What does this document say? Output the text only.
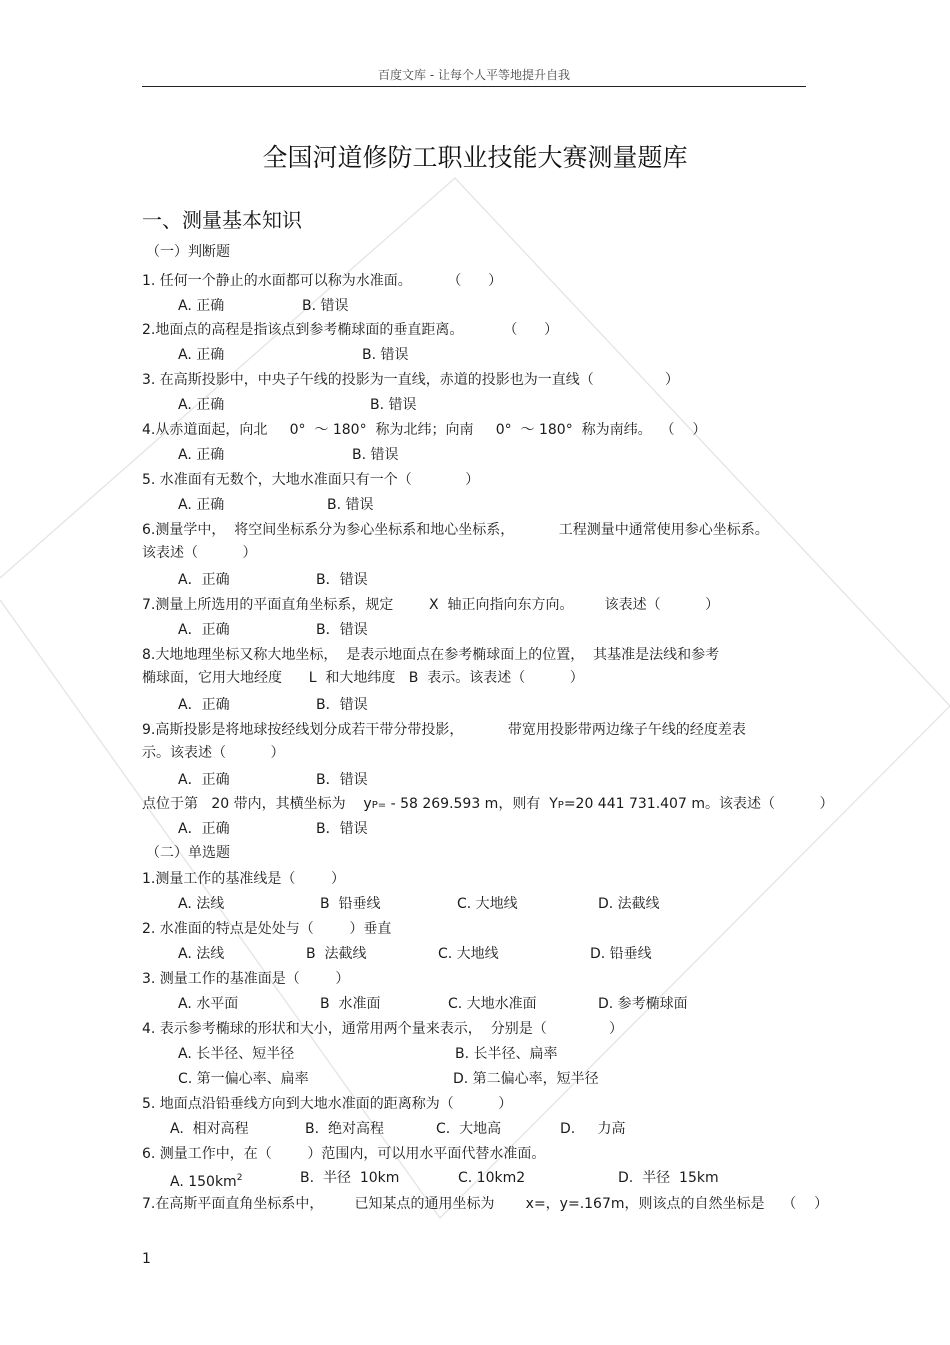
百度文库 - 让每个人平等地提升自我
全国河道修防工职业技能大赛测量题库
一、测量基本知识
（一）判断题
1. 任何一个静止的水面都可以称为水准面。        （      ）
A. 正确	B. 错误
2.地面点的高程是指该点到参考椭球面的垂直距离。         （      ）
A. 正确	B. 错误
3. 在高斯投影中，中央子午线的投影为一直线，赤道的投影也为一直线（                ）
A. 正确	B. 错误
4.从赤道面起，向北     0°  ～ 180°  称为北纬；向南     0°  ～ 180°  称为南纬。  （    ）
A. 正确	B. 错误
5. 水准面有无数个，大地水准面只有一个（            ）
A. 正确	B. 错误
6.测量学中，  将空间坐标系分为参心坐标系和地心坐标系，          工程测量中通常使用参心坐标系。
该表述（          ）
A．正确	B．错误
7.测量上所选用的平面直角坐标系，规定        X  轴正向指向东方向。       该表述（          ）
A．正确	B．错误
8.大地地理坐标又称大地坐标，  是表示地面点在参考椭球面上的位置，  其基准是法线和参考
椭球面，它用大地经度      L  和大地纬度   B  表示。该表述（          ）
A．正确	B．错误
9.高斯投影是将地球按经线划分成若干带分带投影，          带宽用投影带两边缘子午线的经度差表
示。该表述（          ）
A．正确	B．错误
点位于第   20 带内，其横坐标为    yP= - 58 269.593 m，则有  YP=20 441 731.407 m。该表述（          ）
A．正确	B．错误
（二）单选题
1.测量工作的基准线是（        ）
A. 法线	B  铅垂线	C. 大地线	D. 法截线
2. 水准面的特点是处处与（        ）垂直
A. 法线	B  法截线	C. 大地线	D. 铅垂线
3. 测量工作的基准面是（        ）
A. 水平面	B  水准面	C. 大地水准面	D. 参考椭球面
4. 表示参考椭球的形状和大小，通常用两个量来表示，  分别是（              ）
A. 长半径、短半径	B. 长半径、扁率
C. 第一偏心率、扁率	D. 第二偏心率，短半径
5. 地面点沿铅垂线方向到大地水准面的距离称为（          ）
A.  相对高程	B.  绝对高程	C.  大地高	D.     力高
6. 测量工作中，在（        ）范围内，可以用水平面代替水准面。
A. $150km^2$	B.  半径  10km	C. 10km2	D.  半径  15km
7.在高斯平面直角坐标系中，       已知某点的通用坐标为       x=，y=.167m，则该点的自然坐标是    （    ）
1
